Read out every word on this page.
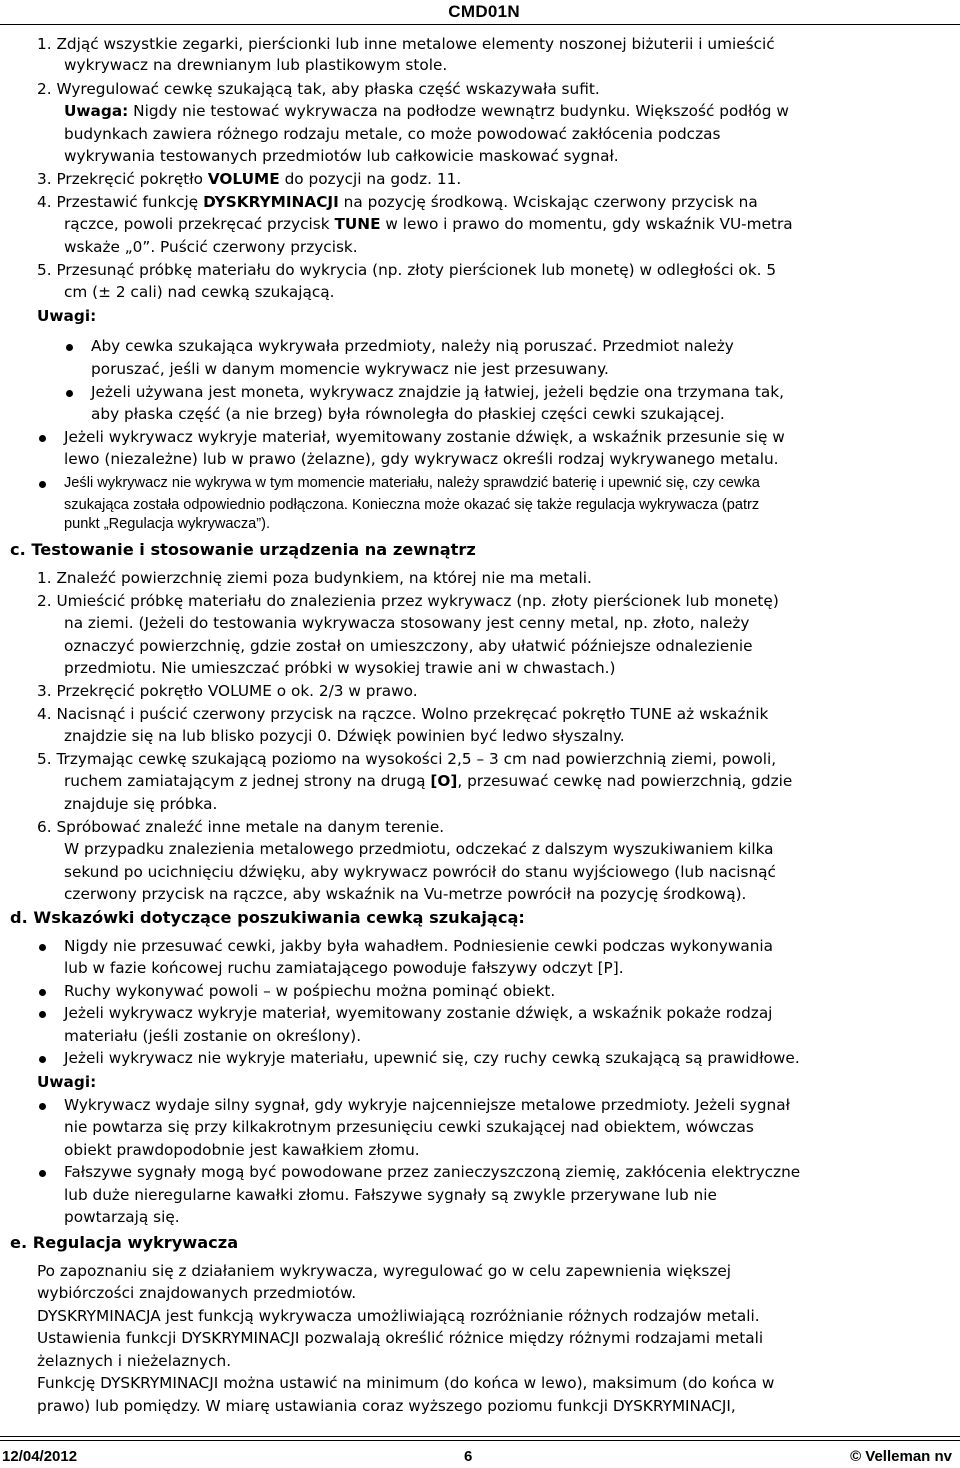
CMD01N
1. Zdjąć wszystkie zegarki, pierścionki lub inne metalowe elementy noszonej biżuterii i umieścić
wykrywacz na drewnianym lub plastikowym stole.
2. Wyregulować cewkę szukającą tak, aby płaska część wskazywała sufit.
Uwaga: Nigdy nie testować wykrywacza na podłodze wewnątrz budynku. Większość podłóg w
budynkach zawiera różnego rodzaju metale, co może powodować zakłócenia podczas
wykrywania testowanych przedmiotów lub całkowicie maskować sygnał.
3. Przekręcić pokrętło VOLUME do pozycji na godz. 11.
4. Przestawić funkcję DYSKRYMINACJI na pozycję środkową. Wciskając czerwony przycisk na
rączce, powoli przekręcać przycisk TUNE w lewo i prawo do momentu, gdy wskaźnik VU-metra
wskaże „0”. Puścić czerwony przycisk.
5. Przesunąć próbkę materiału do wykrycia (np. złoty pierścionek lub monetę) w odległości ok. 5
cm (± 2 cali) nad cewką szukającą.
Uwagi:
Aby cewka szukająca wykrywała przedmioty, należy nią poruszać. Przedmiot należy
poruszać, jeśli w danym momencie wykrywacz nie jest przesuwany.
Jeżeli używana jest moneta, wykrywacz znajdzie ją łatwiej, jeżeli będzie ona trzymana tak,
aby płaska część (a nie brzeg) była równoległa do płaskiej części cewki szukającej.
Jeżeli wykrywacz wykryje materiał, wyemitowany zostanie dźwięk, a wskaźnik przesunie się w
lewo (niezależne) lub w prawo (żelazne), gdy wykrywacz określi rodzaj wykrywanego metalu.
Jeśli wykrywacz nie wykrywa w tym momencie materiału, należy sprawdzić baterię i upewnić się, czy cewka
szukająca została odpowiednio podłączona. Konieczna może okazać się także regulacja wykrywacza (patrz
punkt „Regulacja wykrywacza”).
c. Testowanie i stosowanie urządzenia na zewnątrz
1. Znaleźć powierzchnię ziemi poza budynkiem, na której nie ma metali.
2. Umieścić próbkę materiału do znalezienia przez wykrywacz (np. złoty pierścionek lub monetę)
na ziemi. (Jeżeli do testowania wykrywacza stosowany jest cenny metal, np. złoto, należy
oznaczyć powierzchnię, gdzie został on umieszczony, aby ułatwić późniejsze odnalezienie
przedmiotu. Nie umieszczać próbki w wysokiej trawie ani w chwastach.)
3. Przekręcić pokrętło VOLUME o ok. 2/3 w prawo.
4. Nacisnąć i puścić czerwony przycisk na rączce. Wolno przekręcać pokrętło TUNE aż wskaźnik
znajdzie się na lub blisko pozycji 0. Dźwięk powinien być ledwo słyszalny.
5. Trzymając cewkę szukającą poziomo na wysokości 2,5 – 3 cm nad powierzchnią ziemi, powoli,
ruchem zamiatającym z jednej strony na drugą [O], przesuwać cewkę nad powierzchnią, gdzie
znajduje się próbka.
6. Spróbować znaleźć inne metale na danym terenie.
W przypadku znalezienia metalowego przedmiotu, odczekać z dalszym wyszukiwaniem kilka
sekund po ucichnięciu dźwięku, aby wykrywacz powrócił do stanu wyjściowego (lub nacisnąć
czerwony przycisk na rączce, aby wskaźnik na Vu-metrze powrócił na pozycję środkową).
d. Wskazówki dotyczące poszukiwania cewką szukającą:
Nigdy nie przesuwać cewki, jakby była wahadłem. Podniesienie cewki podczas wykonywania
lub w fazie końcowej ruchu zamiatającego powoduje fałszywy odczyt [P].
Ruchy wykonywać powoli – w pośpiechu można pominąć obiekt.
Jeżeli wykrywacz wykryje materiał, wyemitowany zostanie dźwięk, a wskaźnik pokaże rodzaj
materiału (jeśli zostanie on określony).
Jeżeli wykrywacz nie wykryje materiału, upewnić się, czy ruchy cewką szukającą są prawidłowe.
Uwagi:
Wykrywacz wydaje silny sygnał, gdy wykryje najcenniejsze metalowe przedmioty. Jeżeli sygnał
nie powtarza się przy kilkakrotnym przesunięciu cewki szukającej nad obiektem, wówczas
obiekt prawdopodobnie jest kawałkiem złomu.
Fałszywe sygnały mogą być powodowane przez zanieczyszczoną ziemię, zakłócenia elektryczne
lub duże nieregularne kawałki złomu. Fałszywe sygnały są zwykle przerywane lub nie
powtarzają się.
e. Regulacja wykrywacza
Po zapoznaniu się z działaniem wykrywacza, wyregulować go w celu zapewnienia większej
wybiórczości znajdowanych przedmiotów.
DYSKRYMINACJA jest funkcją wykrywacza umożliwiającą rozróżnianie różnych rodzajów metali.
Ustawienia funkcji DYSKRYMINACJI pozwalają określić różnice między różnymi rodzajami metali
żelaznych i nieżelaznych.
Funkcję DYSKRYMINACJI można ustawić na minimum (do końca w lewo), maksimum (do końca w
prawo) lub pomiędzy. W miarę ustawiania coraz wyższego poziomu funkcji DYSKRYMINACJI,
12/04/2012	6	© Velleman nv
